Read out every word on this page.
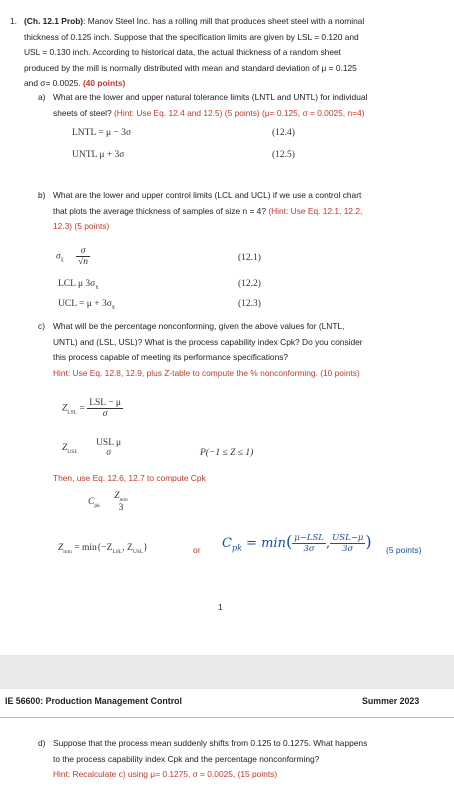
1. (Ch. 12.1 Prob): Manov Steel Inc. has a rolling mill that produces sheet steel with a nominal
thickness of 0.125 inch. Suppose that the specification limits are given by LSL = 0.120 and
USL = 0.130 inch. According to historical data, the actual thickness of a random sheet
produced by the mill is normally distributed with mean and standard deviation of μ = 0.125
and σ= 0.0025. (40 points)
a) What are the lower and upper natural tolerance limits (LNTL and UNTL) for individual
sheets of steel? (Hint: Use Eq. 12.4 and 12.5) (5 points) (μ= 0.125, σ = 0.0025, n=4)
LNTL = μ − 3σ	(12.4)
UNTL μ + 3σ	(12.5)
b) What are the lower and upper control limits (LCL and UCL) if we use a control chart
that plots the average thickness of samples of size n = 4? (Hint: Use Eq. 12.1, 12.2,
12.3) (5 points)
$\sigma_{x̄} \frac{\sigma}{√n}$	(12.1)
LCL μ $3\sigma_{x̄}$	(12.2)
UCL = $\mu + 3\sigma_{x̄}$	(12.3)
c) What will be the percentage nonconforming, given the above values for (LNTL,
UNTL) and (LSL, USL)? What is the process capability index Cpk? Do you consider
this process capable of meeting its performance specifications?
Hint: Use Eq. 12.8, 12.9, plus Z-table to compute the % nonconforming. (10 points)
$Z_{LSL} = \frac{\text{LSL − μ}}{\sigma}$
$Z_{USL}$
USL μ
σ	P(−1 ≤ Z ≤ 1)
Then, use Eq. 12.6, 12.7 to compute Cpk
$C_{pk}$
$Z_{min}$
3
$Z_{min} = \min\{-Z_{LSL}$, $Z_{USL}$}	or $C_{pk} = \min( \frac{\text{μ−LSL}}{3\sigma}$ , $\frac{\text{USL−μ}}{3\sigma}$ ) (5 points)
1
IE 56600: Production Management Control	Summer 2023
d) Suppose that the process mean suddenly shifts from 0.125 to 0.1275. What happens
to the process capability index Cpk and the percentage nonconforming?
Hint: Recalculate c) using μ= 0.1275, σ = 0.0025, (15 points)
